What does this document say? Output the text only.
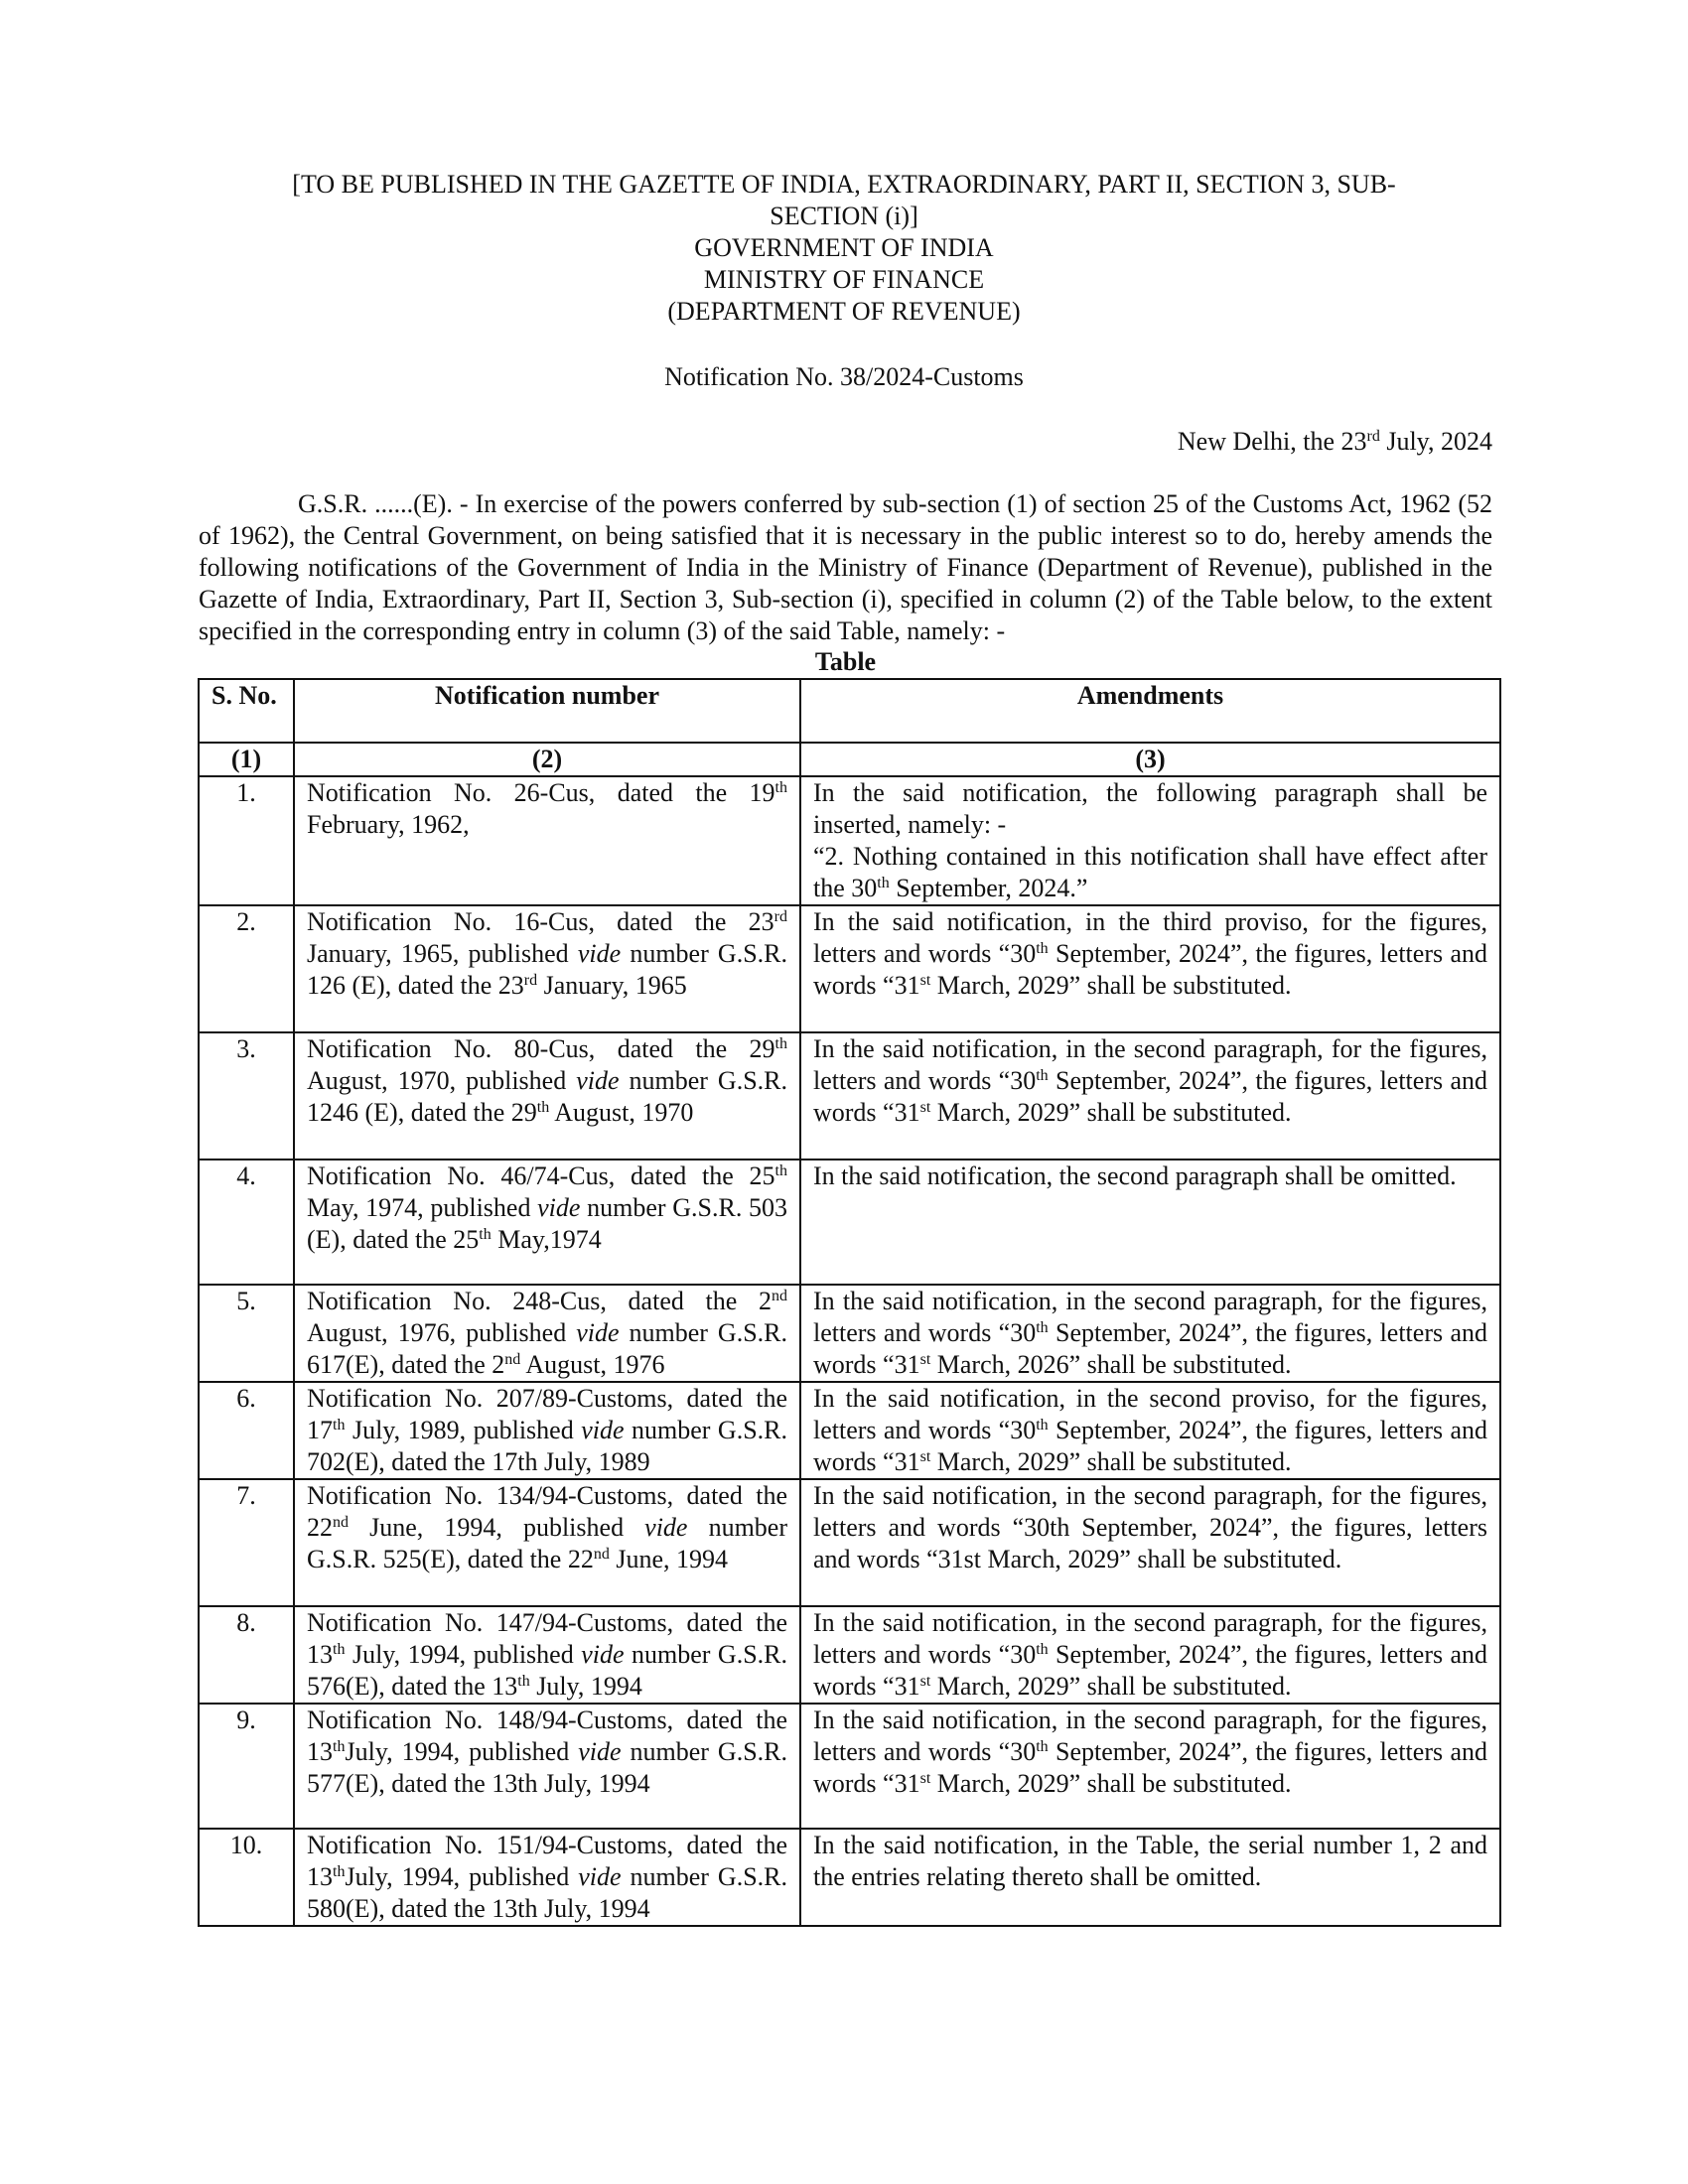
[TO BE PUBLISHED IN THE GAZETTE OF INDIA, EXTRAORDINARY, PART II, SECTION 3, SUB-

SECTION (i)]

GOVERNMENT OF INDIA

MINISTRY OF FINANCE

(DEPARTMENT OF REVENUE)

Notification No. 38/2024-Customs

New Delhi, the 23rd July, 2024

G.S.R. ......(E). - In exercise of the powers conferred by sub-section (1) of section 25 of the Customs Act, 1962 (52 of 1962), the Central Government, on being satisfied that it is necessary in the public interest so to do, hereby amends the following notifications of the Government of India in the Ministry of Finance (Department of Revenue), published in the Gazette of India, Extraordinary, Part II, Section 3, Sub-section (i), specified in column (2) of the Table below, to the extent specified in the corresponding entry in column (3) of the said Table, namely: -

Table

S. No.	Notification number	Amendments
(1)	(2)	(3)
1.	Notification No. 26-Cus, dated the 19th February, 1962,	In the said notification, the following paragraph shall be inserted, namely: -
“2. Nothing contained in this notification shall have effect after the 30th September, 2024.”
2.	Notification No. 16-Cus, dated the 23rd January, 1965, published vide number G.S.R. 126 (E), dated the 23rd January, 1965	In the said notification, in the third proviso, for the figures, letters and words “30th September, 2024”, the figures, letters and words “31st March, 2029” shall be substituted.
3.	Notification No. 80-Cus, dated the 29th August, 1970, published vide number G.S.R. 1246 (E), dated the 29th August, 1970	In the said notification, in the second paragraph, for the figures, letters and words “30th September, 2024”, the figures, letters and words “31st March, 2029” shall be substituted.
4.	Notification No. 46/74-Cus, dated the 25th May, 1974, published vide number G.S.R. 503 (E), dated the 25th May,1974	In the said notification, the second paragraph shall be omitted.
5.	Notification No. 248-Cus, dated the 2nd August, 1976, published vide number G.S.R. 617(E), dated the 2nd August, 1976	In the said notification, in the second paragraph, for the figures, letters and words “30th September, 2024”, the figures, letters and words “31st March, 2026” shall be substituted.
6.	Notification No. 207/89-Customs, dated the 17th July, 1989, published vide number G.S.R. 702(E), dated the 17th July, 1989	In the said notification, in the second proviso, for the figures, letters and words “30th September, 2024”, the figures, letters and words “31st March, 2029” shall be substituted.
7.	Notification No. 134/94-Customs, dated the 22nd June, 1994, published vide number G.S.R. 525(E), dated the 22nd June, 1994	In the said notification, in the second paragraph, for the figures, letters and words “30th September, 2024”, the figures, letters and words “31st March, 2029” shall be substituted.
8.	Notification No. 147/94-Customs, dated the 13th July, 1994, published vide number G.S.R. 576(E), dated the 13th July, 1994	In the said notification, in the second paragraph, for the figures, letters and words “30th September, 2024”, the figures, letters and words “31st March, 2029” shall be substituted.
9.	Notification No. 148/94-Customs, dated the 13thJuly, 1994, published vide number G.S.R. 577(E), dated the 13th July, 1994	In the said notification, in the second paragraph, for the figures, letters and words “30th September, 2024”, the figures, letters and words “31st March, 2029” shall be substituted.
10.	Notification No. 151/94-Customs, dated the 13thJuly, 1994, published vide number G.S.R. 580(E), dated the 13th July, 1994	In the said notification, in the Table, the serial number 1, 2 and the entries relating thereto shall be omitted.
